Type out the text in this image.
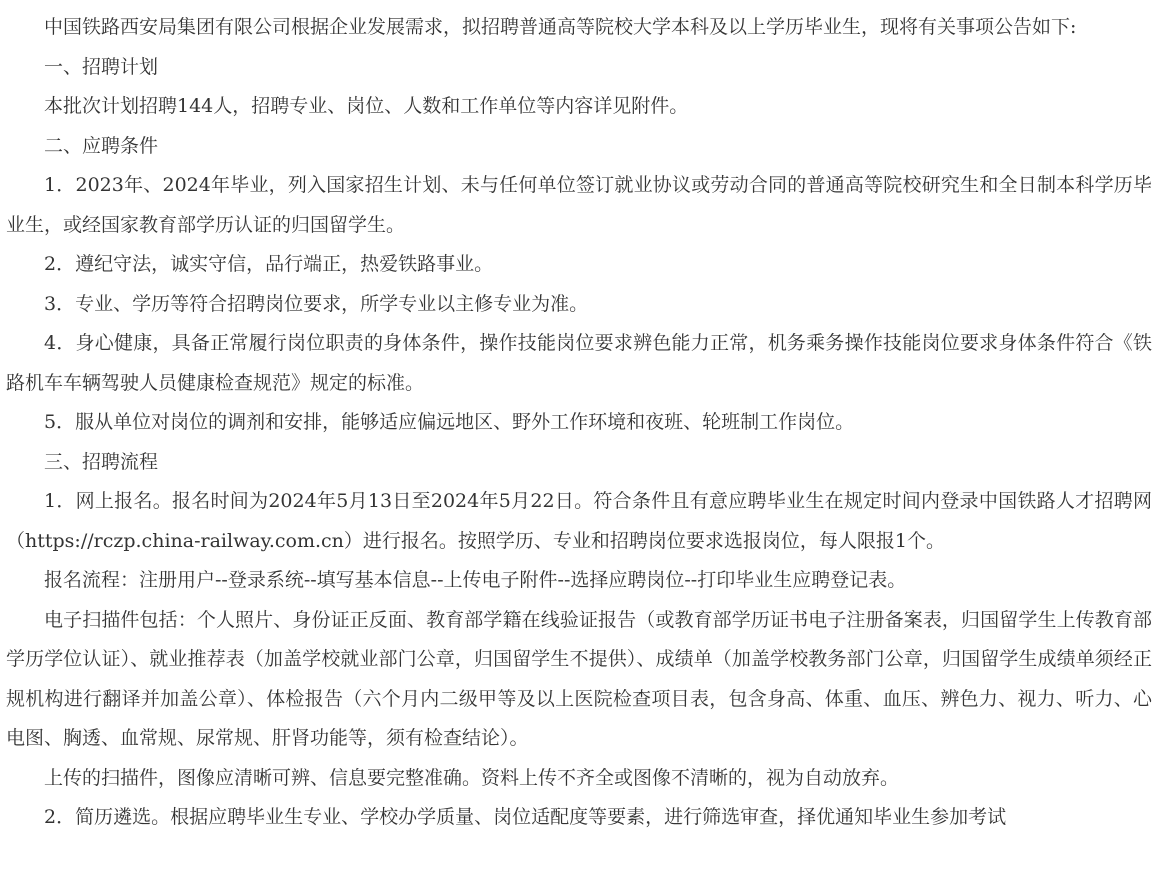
中国铁路西安局集团有限公司根据企业发展需求，拟招聘普通高等院校大学本科及以上学历毕业生，现将有关事项公告如下:

一、招聘计划

本批次计划招聘144人，招聘专业、岗位、人数和工作单位等内容详见附件。

二、应聘条件

1．2023年、2024年毕业，列入国家招生计划、未与任何单位签订就业协议或劳动合同的普通高等院校研究生和全日制本科学历毕业生，或经国家教育部学历认证的归国留学生。

2．遵纪守法，诚实守信，品行端正，热爱铁路事业。

3．专业、学历等符合招聘岗位要求，所学专业以主修专业为准。

4．身心健康，具备正常履行岗位职责的身体条件，操作技能岗位要求辨色能力正常，机务乘务操作技能岗位要求身体条件符合《铁路机车车辆驾驶人员健康检查规范》规定的标准。

5．服从单位对岗位的调剂和安排，能够适应偏远地区、野外工作环境和夜班、轮班制工作岗位。

三、招聘流程

1．网上报名。报名时间为2024年5月13日至2024年5月22日。符合条件且有意应聘毕业生在规定时间内登录中国铁路人才招聘网（https://rczp.china-railway.com.cn）进行报名。按照学历、专业和招聘岗位要求选报岗位，每人限报1个。

报名流程：注册用户--登录系统--填写基本信息--上传电子附件--选择应聘岗位--打印毕业生应聘登记表。

电子扫描件包括：个人照片、身份证正反面、教育部学籍在线验证报告（或教育部学历证书电子注册备案表，归国留学生上传教育部学历学位认证）、就业推荐表（加盖学校就业部门公章，归国留学生不提供）、成绩单（加盖学校教务部门公章，归国留学生成绩单须经正规机构进行翻译并加盖公章）、体检报告（六个月内二级甲等及以上医院检查项目表，包含身高、体重、血压、辨色力、视力、听力、心电图、胸透、血常规、尿常规、肝肾功能等，须有检查结论）。

上传的扫描件，图像应清晰可辨、信息要完整准确。资料上传不齐全或图像不清晰的，视为自动放弃。

2．简历遴选。根据应聘毕业生专业、学校办学质量、岗位适配度等要素，进行筛选审查，择优通知毕业生参加考试
